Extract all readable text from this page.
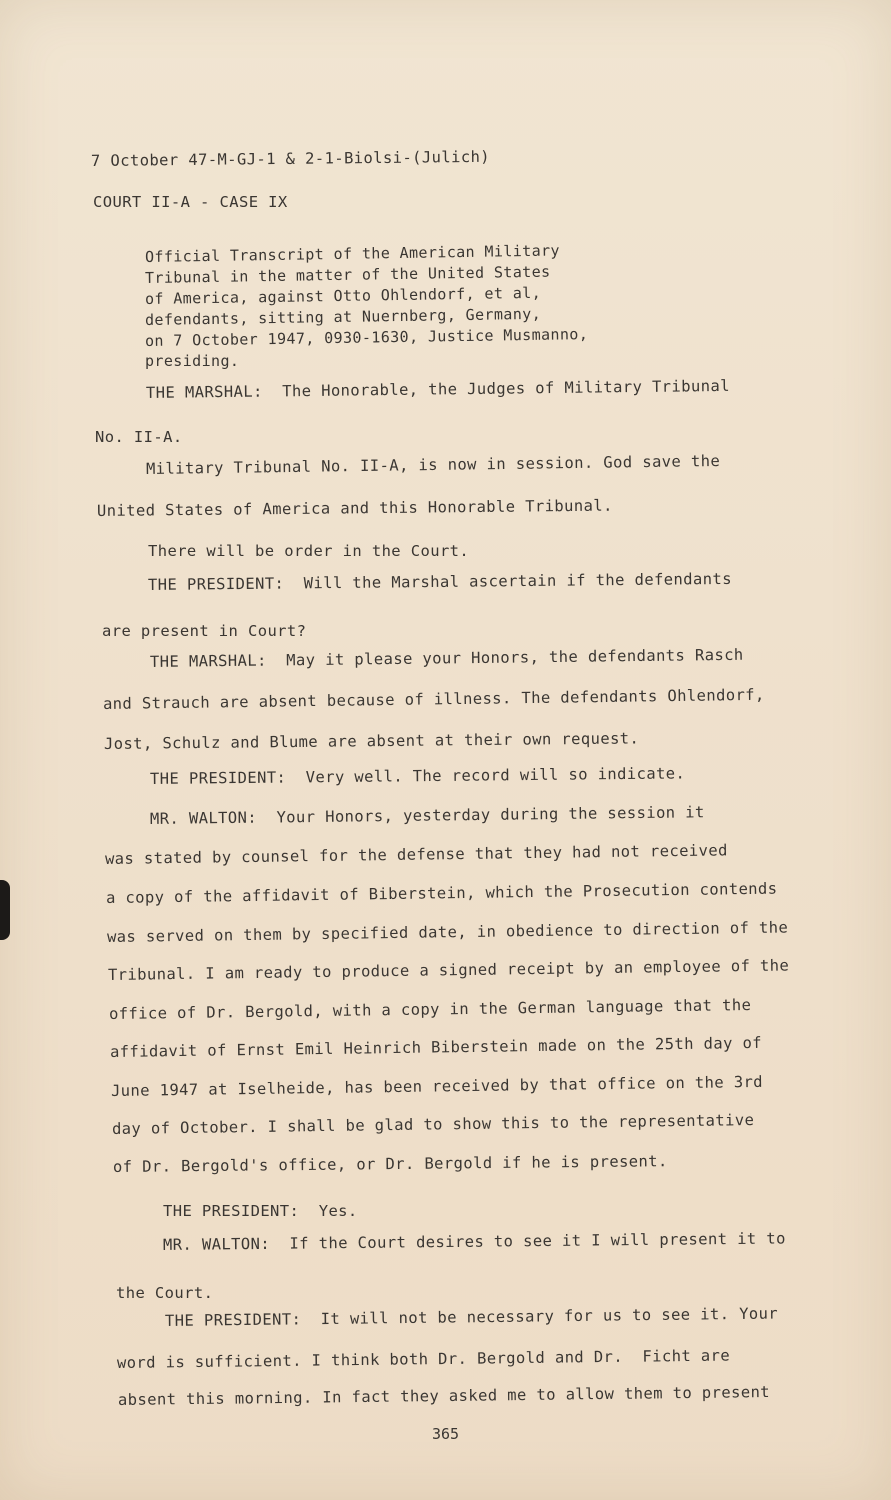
7 October 47-M-GJ-1 & 2-1-Biolsi-(Julich)
COURT II-A - CASE IX
Official Transcript of the American Military
Tribunal in the matter of the United States
of America, against Otto Ohlendorf, et al,
defendants, sitting at Nuernberg, Germany,
on 7 October 1947, 0930-1630, Justice Musmanno,
presiding.
THE MARSHAL:  The Honorable, the Judges of Military Tribunal
No. II-A.
Military Tribunal No. II-A, is now in session. God save the
United States of America and this Honorable Tribunal.
There will be order in the Court.
THE PRESIDENT:  Will the Marshal ascertain if the defendants
are present in Court?
THE MARSHAL:  May it please your Honors, the defendants Rasch
and Strauch are absent because of illness. The defendants Ohlendorf,
Jost, Schulz and Blume are absent at their own request.
THE PRESIDENT:  Very well. The record will so indicate.
MR. WALTON:  Your Honors, yesterday during the session it
was stated by counsel for the defense that they had not received
a copy of the affidavit of Biberstein, which the Prosecution contends
was served on them by specified date, in obedience to direction of the
Tribunal. I am ready to produce a signed receipt by an employee of the
office of Dr. Bergold, with a copy in the German language that the
affidavit of Ernst Emil Heinrich Biberstein made on the 25th day of
June 1947 at Iselheide, has been received by that office on the 3rd
day of October. I shall be glad to show this to the representative
of Dr. Bergold's office, or Dr. Bergold if he is present.
THE PRESIDENT:  Yes.
MR. WALTON:  If the Court desires to see it I will present it to
the Court.
THE PRESIDENT:  It will not be necessary for us to see it. Your
word is sufficient. I think both Dr. Bergold and Dr.  Ficht are
absent this morning. In fact they asked me to allow them to present
365
